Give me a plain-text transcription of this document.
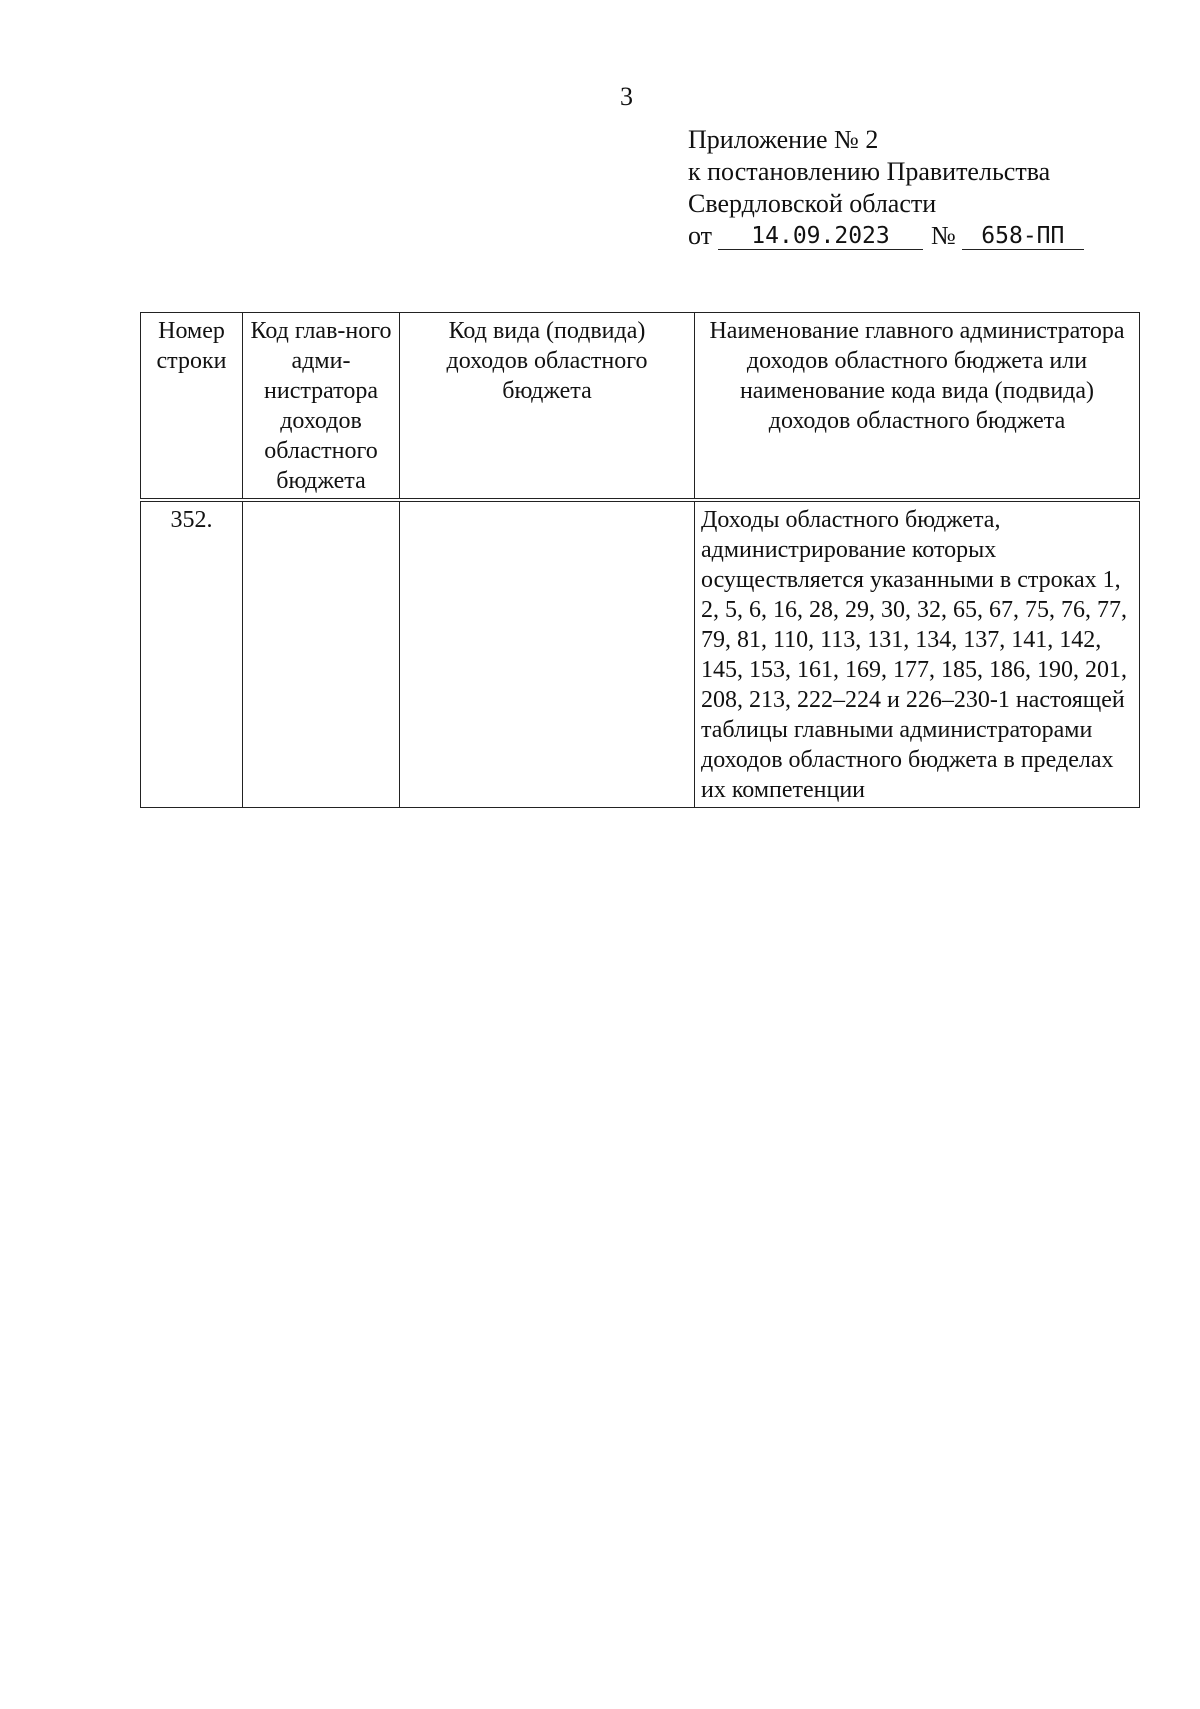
3
Приложение № 2
к постановлению Правительства
Свердловской области
от	14.09.2023	№	658-ПП
Номер строки	Код глав-ного адми-нистратора доходов областного бюджета	Код вида (подвида) доходов областного бюджета	Наименование главного администратора доходов областного бюджета или наименование кода вида (подвида) доходов областного бюджета
352.			Доходы областного бюджета, администрирование которых осуществляется указанными в строках 1, 2, 5, 6, 16, 28, 29, 30, 32, 65, 67, 75, 76, 77, 79, 81, 110, 113, 131, 134, 137, 141, 142, 145, 153, 161, 169, 177, 185, 186, 190, 201, 208, 213, 222–224 и 226–230-1 настоящей таблицы главными администраторами доходов областного бюджета в пределах их компетенции
